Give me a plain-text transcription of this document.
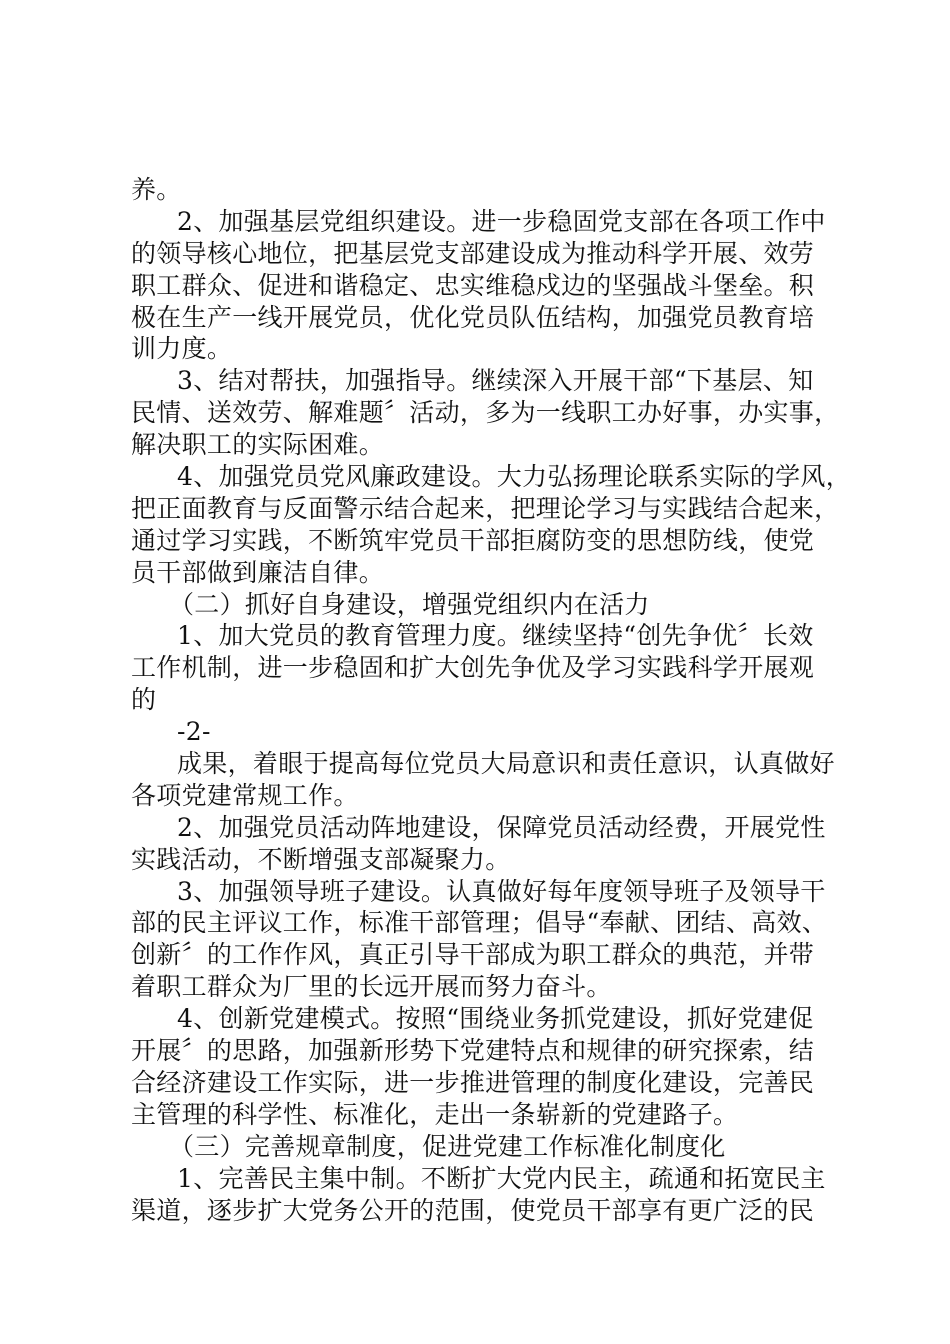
养。
2、加强基层党组织建设。进一步稳固党支部在各项工作中
的领导核心地位，把基层党支部建设成为推动科学开展、效劳
职工群众、促进和谐稳定、忠实维稳戍边的坚强战斗堡垒。积
极在生产一线开展党员，优化党员队伍结构，加强党员教育培
训力度。
3、结对帮扶，加强指导。继续深入开展干部“下基层、知
民情、送效劳、解难题〞活动，多为一线职工办好事，办实事，
解决职工的实际困难。
4、加强党员党风廉政建设。大力弘扬理论联系实际的学风，
把正面教育与反面警示结合起来，把理论学习与实践结合起来，
通过学习实践，不断筑牢党员干部拒腐防变的思想防线，使党
员干部做到廉洁自律。
（二）抓好自身建设，增强党组织内在活力
1、加大党员的教育管理力度。继续坚持“创先争优〞长效
工作机制，进一步稳固和扩大创先争优及学习实践科学开展观
的
-2-
成果，着眼于提高每位党员大局意识和责任意识，认真做好
各项党建常规工作。
2、加强党员活动阵地建设，保障党员活动经费，开展党性
实践活动，不断增强支部凝聚力。
3、加强领导班子建设。认真做好每年度领导班子及领导干
部的民主评议工作，标准干部管理；倡导“奉献、团结、高效、
创新〞的工作作风，真正引导干部成为职工群众的典范，并带
着职工群众为厂里的长远开展而努力奋斗。
4、创新党建模式。按照“围绕业务抓党建设，抓好党建促
开展〞的思路，加强新形势下党建特点和规律的研究探索，结
合经济建设工作实际，进一步推进管理的制度化建设，完善民
主管理的科学性、标准化，走出一条崭新的党建路子。
（三）完善规章制度，促进党建工作标准化制度化
1、完善民主集中制。不断扩大党内民主，疏通和拓宽民主
渠道，逐步扩大党务公开的范围，使党员干部享有更广泛的民
